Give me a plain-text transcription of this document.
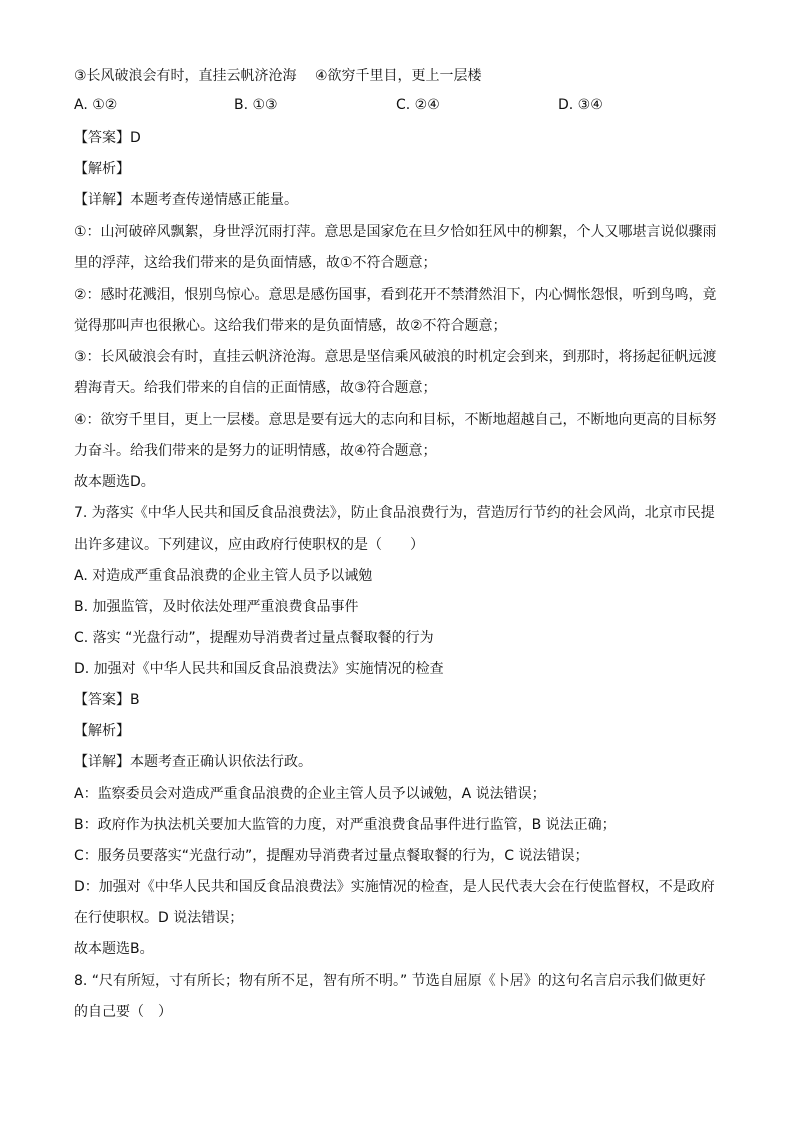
③长风破浪会有时，直挂云帆济沧海　 ④欲穷千里目，更上一层楼
A. ①②	B. ①③	C. ②④	D. ③④
【答案】D
【解析】
【详解】本题考查传递情感正能量。
①：山河破碎风飘絮，身世浮沉雨打萍。意思是国家危在旦夕恰如狂风中的柳絮，个人又哪堪言说似骤雨
里的浮萍，这给我们带来的是负面情感，故①不符合题意；
②：感时花溅泪，恨别鸟惊心。意思是感伤国事，看到花开不禁潸然泪下，内心惆怅怨恨，听到鸟鸣，竟
觉得那叫声也很揪心。这给我们带来的是负面情感，故②不符合题意；
③：长风破浪会有时，直挂云帆济沧海。意思是坚信乘风破浪的时机定会到来，到那时，将扬起征帆远渡
碧海青天。给我们带来的自信的正面情感，故③符合题意；
④：欲穷千里目，更上一层楼。意思是要有远大的志向和目标，不断地超越自己，不断地向更高的目标努
力奋斗。给我们带来的是努力的证明情感，故④符合题意；
故本题选D。
7. 为落实《中华人民共和国反食品浪费法》，防止食品浪费行为，营造厉行节约的社会风尚，北京市民提
出许多建议。下列建议，应由政府行使职权的是（　　）
A. 对造成严重食品浪费的企业主管人员予以诫勉
B. 加强监管，及时依法处理严重浪费食品事件
C. 落实 “光盘行动”，提醒劝导消费者过量点餐取餐的行为
D. 加强对《中华人民共和国反食品浪费法》实施情况的检查
【答案】B
【解析】
【详解】本题考查正确认识依法行政。
A：监察委员会对造成严重食品浪费的企业主管人员予以诫勉，A 说法错误；
B：政府作为执法机关要加大监管的力度，对严重浪费食品事件进行监管，B 说法正确；
C：服务员要落实“光盘行动”，提醒劝导消费者过量点餐取餐的行为，C 说法错误；
D：加强对《中华人民共和国反食品浪费法》实施情况的检查，是人民代表大会在行使监督权，不是政府
在行使职权。D 说法错误；
故本题选B。
8. “尺有所短，寸有所长；物有所不足，智有所不明。” 节选自屈原《卜居》的这句名言启示我们做更好
的自己要（　）
